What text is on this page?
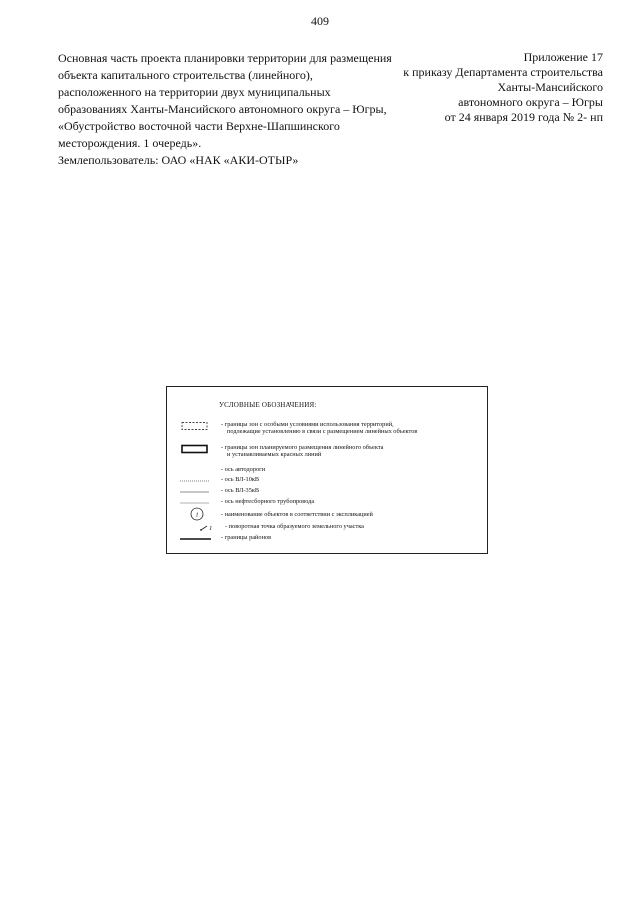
409

Основная часть проекта планировки территории для размещения

объекта капитального строительства (линейного),

расположенного на территории двух муниципальных

образованиях Ханты-Мансийского автономного округа – Югры,

«Обустройство восточной части Верхне-Шапшинского

месторождения. 1 очередь».

Землепользователь: ОАО «НАК «АКИ-ОТЫР»

Приложение 17

к приказу Департамента строительства

Ханты-Мансийского

автономного округа – Югры

от 24 января 2019 года № 2- нп

УСЛОВНЫЕ ОБОЗНАЧЕНИЯ:
- границы зон с особыми условиями использования территорий,
подлежащие установлению в связи с размещением линейных объектов
- границы зон планируемого размещения линейного объекта
и устанавливаемых красных линий
- ось автодороги
- ось ВЛ-10кВ
- ось ВЛ-35кВ
- ось нефтесборного трубопровода
1	- наименование объектов в соответствии с экспликацией
1 - поворотная точка образуемого земельного участка
- границы районов
